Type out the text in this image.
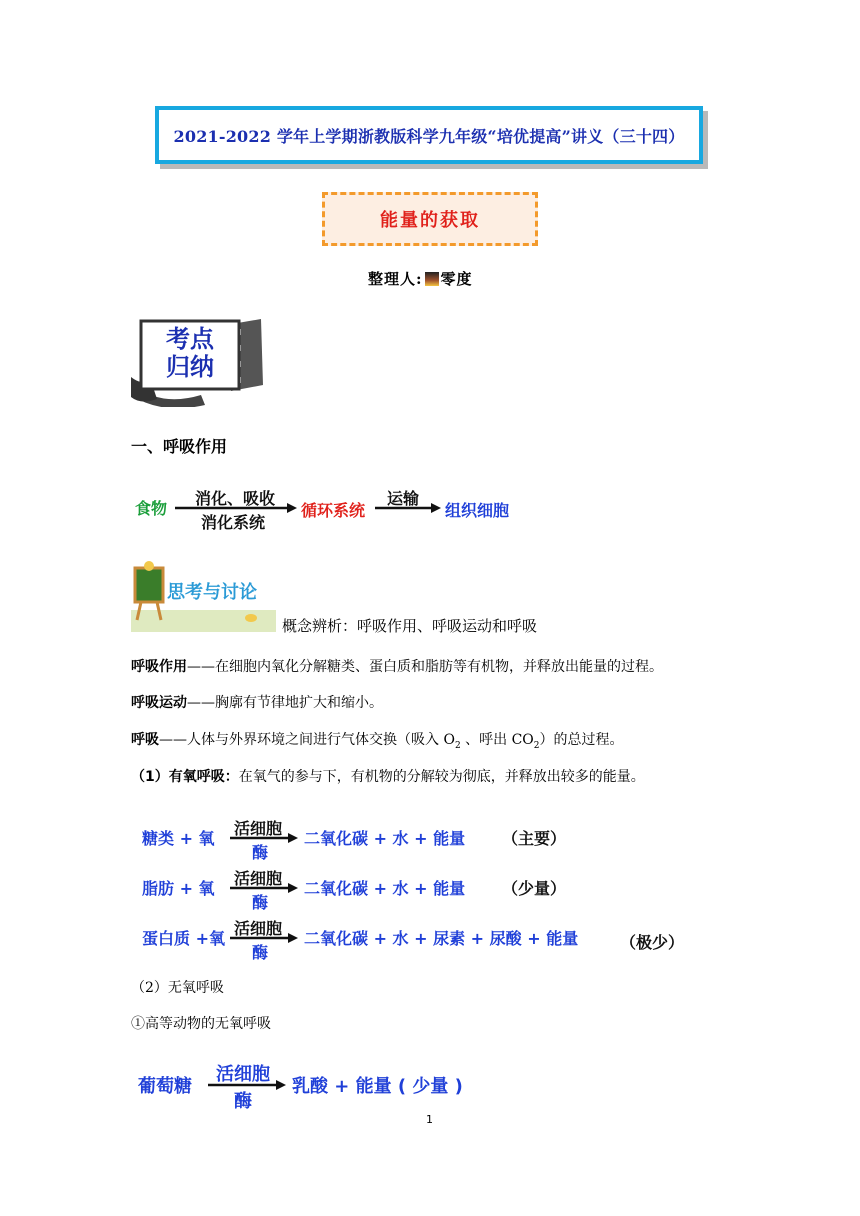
2021-2022 学年上学期浙教版科学九年级“培优提高”讲义（三十四）
能量的获取
整理人: 零度
考点
归纳
一、呼吸作用
食物
消化、吸收
消化系统
循环系统
运输
组织细胞
思考与讨论
概念辨析：呼吸作用、呼吸运动和呼吸
呼吸作用——在细胞内氧化分解糖类、蛋白质和脂肪等有机物，并释放出能量的过程。
呼吸运动——胸廓有节律地扩大和缩小。
呼吸——人体与外界环境之间进行气体交换（吸入 $O_2$ 、呼出 $CO_2$）的总过程。
（1）有氧呼吸：在氧气的参与下，有机物的分解较为彻底，并释放出较多的能量。
糖类 + 氧
活细胞
酶
二氧化碳 + 水 + 能量 （主要）
脂肪 + 氧
活细胞
酶
二氧化碳 + 水 + 能量 （少量）
蛋白质 +氧
活细胞
酶
二氧化碳 + 水 + 尿素 + 尿酸 + 能量	（极少）
（2）无氧呼吸
①高等动物的无氧呼吸
葡萄糖
活细胞
酶
乳酸 + 能量 ( 少量 )
1
